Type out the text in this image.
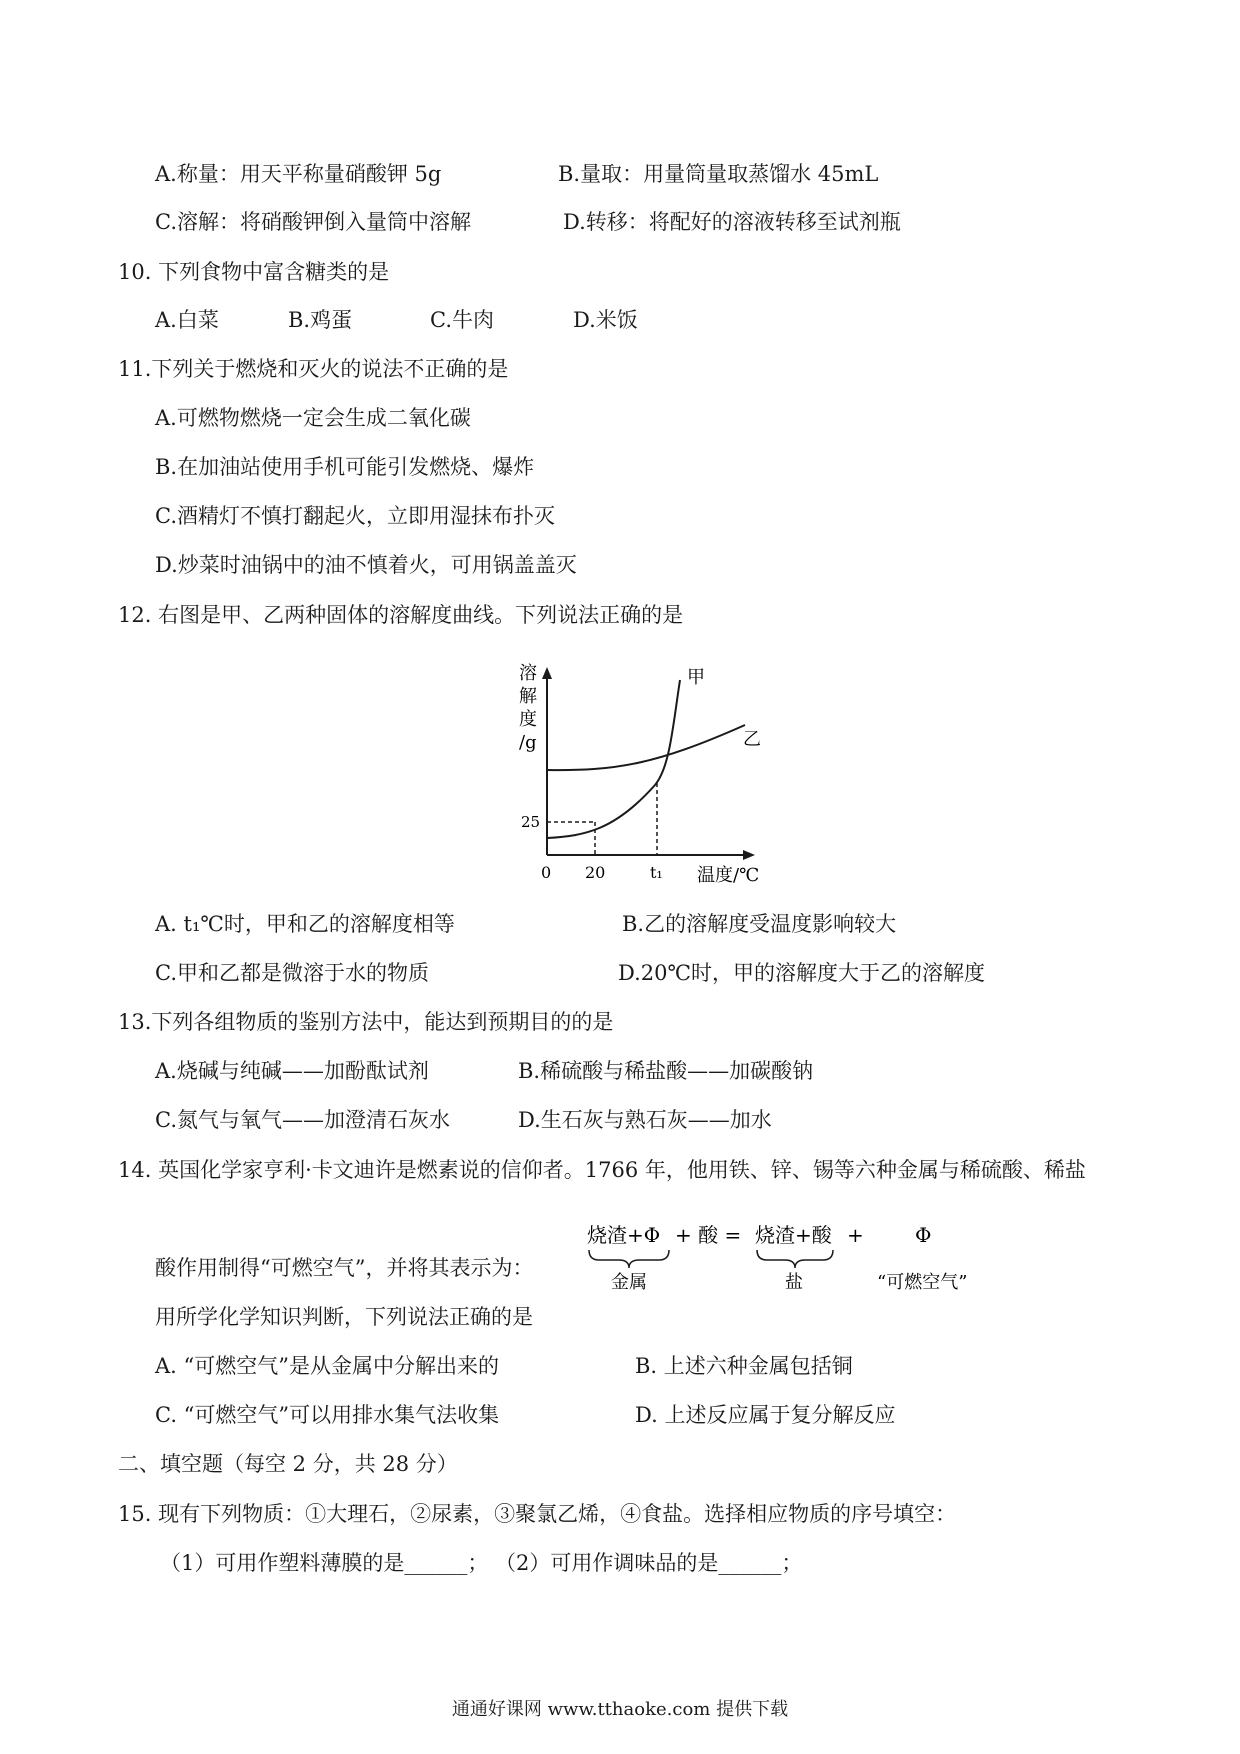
A.称量：用天平称量硝酸钾 5g	B.量取：用量筒量取蒸馏水 45mL
C.溶解：将硝酸钾倒入量筒中溶解	D.转移：将配好的溶液转移至试剂瓶
10. 下列食物中富含糖类的是
A.白菜	B.鸡蛋	C.牛肉	D.米饭
11.下列关于燃烧和灭火的说法不正确的是
A.可燃物燃烧一定会生成二氧化碳
B.在加油站使用手机可能引发燃烧、爆炸
C.酒精灯不慎打翻起火，立即用湿抹布扑灭
D.炒菜时油锅中的油不慎着火，可用锅盖盖灭
12. 右图是甲、乙两种固体的溶解度曲线。下列说法正确的是
溶
解
度
/g
25
0 20	t₁ 温度/℃
甲
乙
A. t₁℃时，甲和乙的溶解度相等	B.乙的溶解度受温度影响较大
C.甲和乙都是微溶于水的物质	D.20℃时，甲的溶解度大于乙的溶解度
13.下列各组物质的鉴别方法中，能达到预期目的的是
A.烧碱与纯碱——加酚酞试剂	B.稀硫酸与稀盐酸——加碳酸钠
C.氮气与氧气——加澄清石灰水	D.生石灰与熟石灰——加水
14. 英国化学家亨利·卡文迪许是燃素说的信仰者。1766 年，他用铁、锌、锡等六种金属与稀硫酸、稀盐
烧渣+Φ + 酸 = 烧渣+酸 +	Φ
金属	盐	“可燃空气”
酸作用制得“可燃空气”，并将其表示为：
用所学化学知识判断，下列说法正确的是
A. “可燃空气”是从金属中分解出来的	B. 上述六种金属包括铜
C. “可燃空气”可以用排水集气法收集	D. 上述反应属于复分解反应
二、填空题（每空 2 分，共 28 分）
15. 现有下列物质：①大理石，②尿素，③聚氯乙烯，④食盐。选择相应物质的序号填空：
（1）可用作塑料薄膜的是______； （2）可用作调味品的是______；
通通好课网 www.tthaoke.com 提供下载
